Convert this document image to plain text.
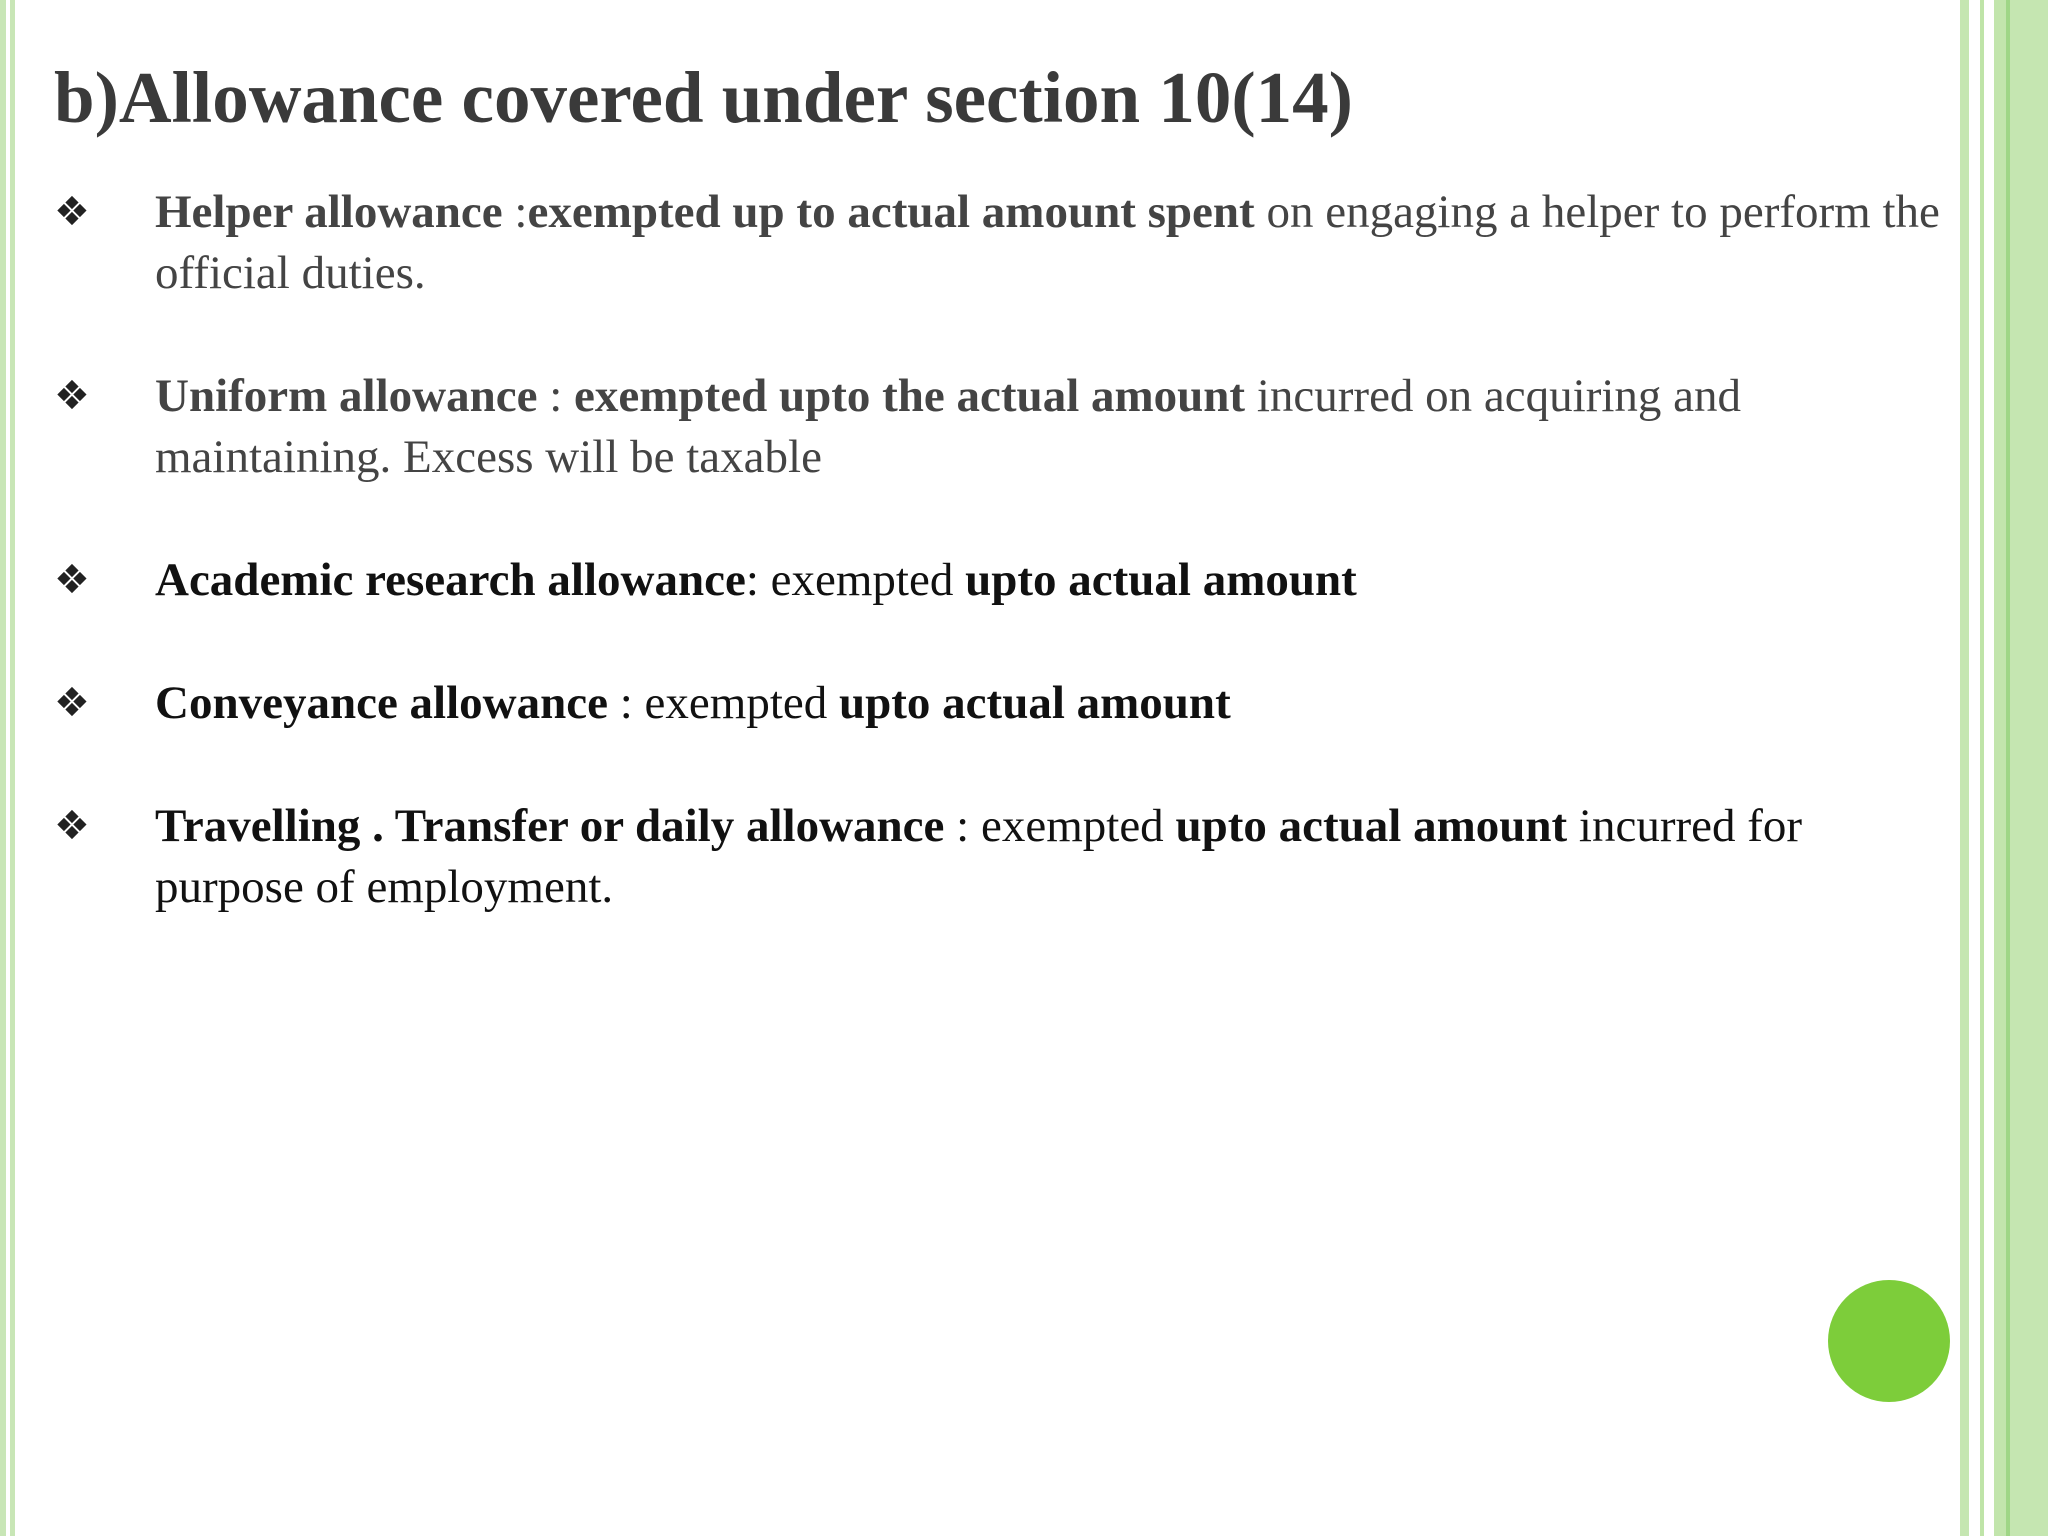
b)Allowance covered under section 10(14)
❖ Helper allowance :exempted up to actual amount spent on engaging a helper to perform the official duties.
❖ Uniform allowance : exempted upto the actual amount incurred on acquiring and maintaining. Excess will be taxable
❖ Academic research allowance: exempted upto actual amount
❖ Conveyance allowance : exempted upto actual amount
❖ Travelling . Transfer or daily allowance : exempted upto actual amount incurred for purpose of employment.
